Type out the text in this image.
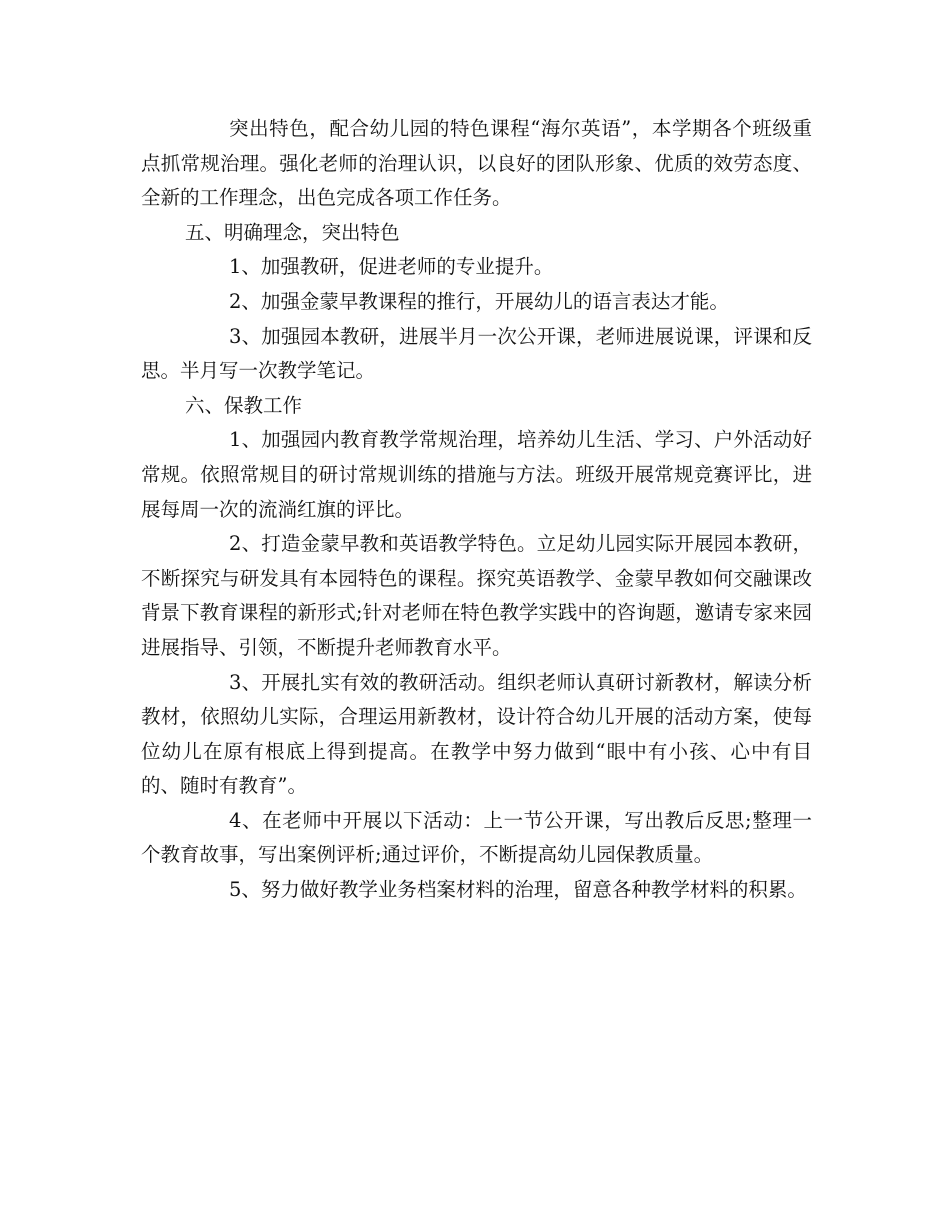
突出特色，配合幼儿园的特色课程“海尔英语”，本学期各个班级重点抓常规治理。强化老师的治理认识，以良好的团队形象、优质的效劳态度、全新的工作理念，出色完成各项工作任务。

五、明确理念，突出特色

1、加强教研，促进老师的专业提升。

2、加强金蒙早教课程的推行，开展幼儿的语言表达才能。

3、加强园本教研，进展半月一次公开课，老师进展说课，评课和反思。半月写一次教学笔记。

六、保教工作

1、加强园内教育教学常规治理，培养幼儿生活、学习、户外活动好常规。依照常规目的研讨常规训练的措施与方法。班级开展常规竞赛评比，进展每周一次的流淌红旗的评比。

2、打造金蒙早教和英语教学特色。立足幼儿园实际开展园本教研，不断探究与研发具有本园特色的课程。探究英语教学、金蒙早教如何交融课改背景下教育课程的新形式;针对老师在特色教学实践中的咨询题，邀请专家来园进展指导、引领，不断提升老师教育水平。

3、开展扎实有效的教研活动。组织老师认真研讨新教材，解读分析教材，依照幼儿实际，合理运用新教材，设计符合幼儿开展的活动方案，使每位幼儿在原有根底上得到提高。在教学中努力做到“眼中有小孩、心中有目的、随时有教育”。

4、在老师中开展以下活动：上一节公开课，写出教后反思;整理一个教育故事，写出案例评析;通过评价，不断提高幼儿园保教质量。

5、努力做好教学业务档案材料的治理，留意各种教学材料的积累。
